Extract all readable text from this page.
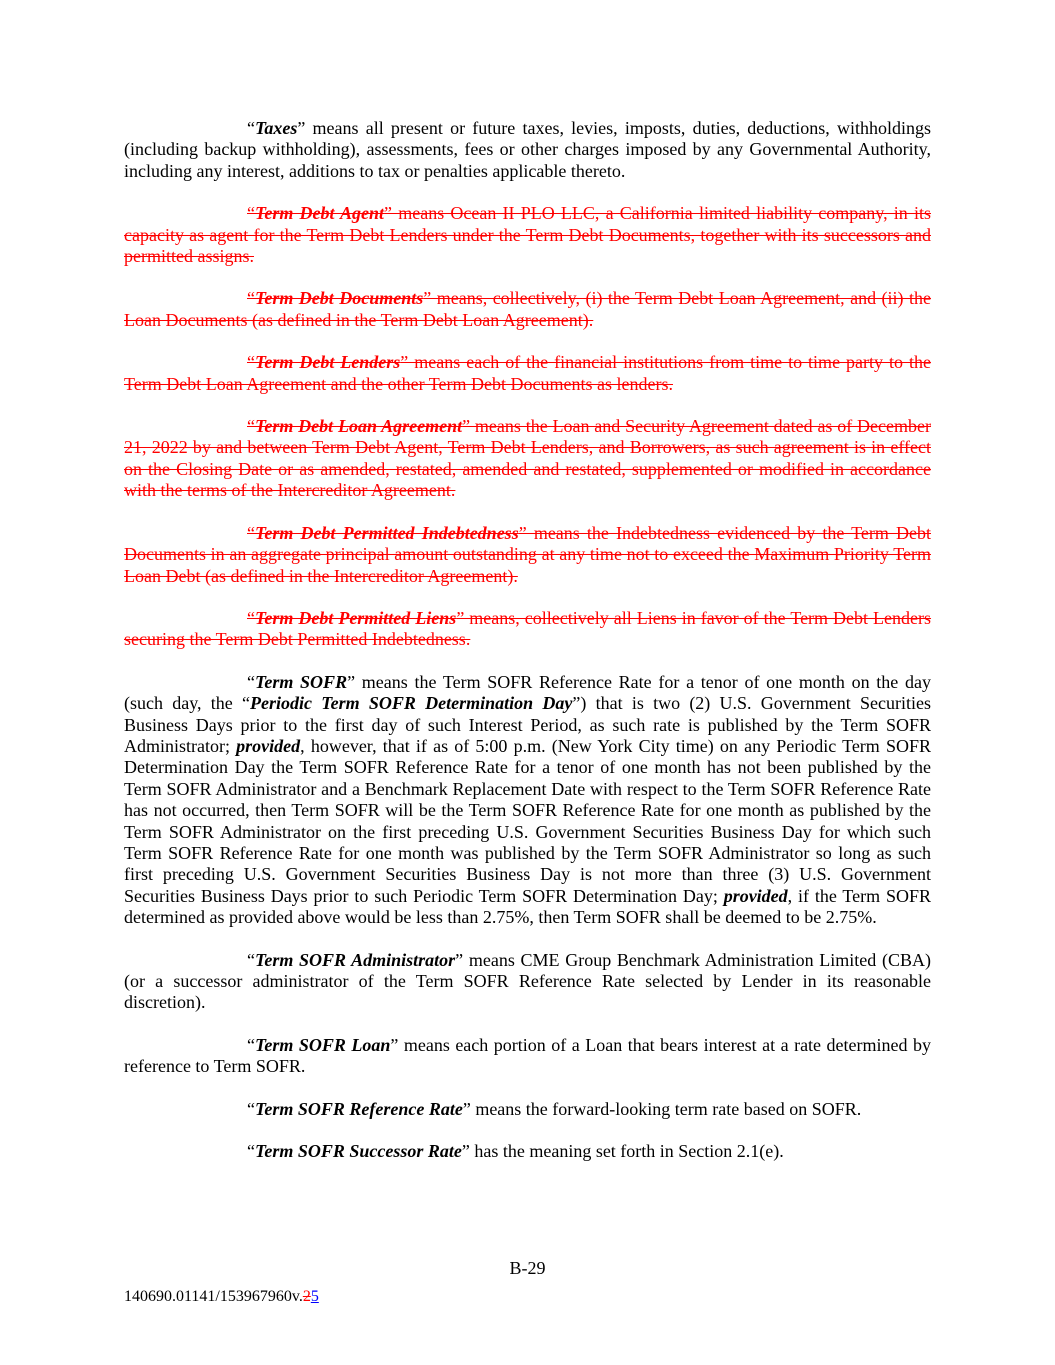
“Taxes” means all present or future taxes, levies, imposts, duties, deductions, withholdings (including backup withholding), assessments, fees or other charges imposed by any Governmental Authority, including any interest, additions to tax or penalties applicable thereto.

“Term Debt Agent” means Ocean II PLO LLC, a California limited liability company, in its capacity as agent for the Term Debt Lenders under the Term Debt Documents, together with its successors and permitted assigns.

“Term Debt Documents” means, collectively, (i) the Term Debt Loan Agreement, and (ii) the Loan Documents (as defined in the Term Debt Loan Agreement).

“Term Debt Lenders” means each of the financial institutions from time to time party to the Term Debt Loan Agreement and the other Term Debt Documents as lenders.

“Term Debt Loan Agreement” means the Loan and Security Agreement dated as of December 21, 2022 by and between Term Debt Agent, Term Debt Lenders, and Borrowers, as such agreement is in effect on the Closing Date or as amended, restated, amended and restated, supplemented or modified in accordance with the terms of the Intercreditor Agreement.

“Term Debt Permitted Indebtedness” means the Indebtedness evidenced by the Term Debt Documents in an aggregate principal amount outstanding at any time not to exceed the Maximum Priority Term Loan Debt (as defined in the Intercreditor Agreement).

“Term Debt Permitted Liens” means, collectively all Liens in favor of the Term Debt Lenders securing the Term Debt Permitted Indebtedness.

“Term SOFR” means the Term SOFR Reference Rate for a tenor of one month on the day (such day, the “Periodic Term SOFR Determination Day”) that is two (2) U.S. Government Securities Business Days prior to the first day of such Interest Period, as such rate is published by the Term SOFR Administrator; provided, however, that if as of 5:00 p.m. (New York City time) on any Periodic Term SOFR Determination Day the Term SOFR Reference Rate for a tenor of one month has not been published by the Term SOFR Administrator and a Benchmark Replacement Date with respect to the Term SOFR Reference Rate has not occurred, then Term SOFR will be the Term SOFR Reference Rate for one month as published by the Term SOFR Administrator on the first preceding U.S. Government Securities Business Day for which such Term SOFR Reference Rate for one month was published by the Term SOFR Administrator so long as such first preceding U.S. Government Securities Business Day is not more than three (3) U.S. Government Securities Business Days prior to such Periodic Term SOFR Determination Day; provided, if the Term SOFR determined as provided above would be less than 2.75%, then Term SOFR shall be deemed to be 2.75%.

“Term SOFR Administrator” means CME Group Benchmark Administration Limited (CBA) (or a successor administrator of the Term SOFR Reference Rate selected by Lender in its reasonable discretion).

“Term SOFR Loan” means each portion of a Loan that bears interest at a rate determined by reference to Term SOFR.

“Term SOFR Reference Rate” means the forward-looking term rate based on SOFR.

“Term SOFR Successor Rate” has the meaning set forth in Section 2.1(e).

B-29
140690.01141/153967960v.25
